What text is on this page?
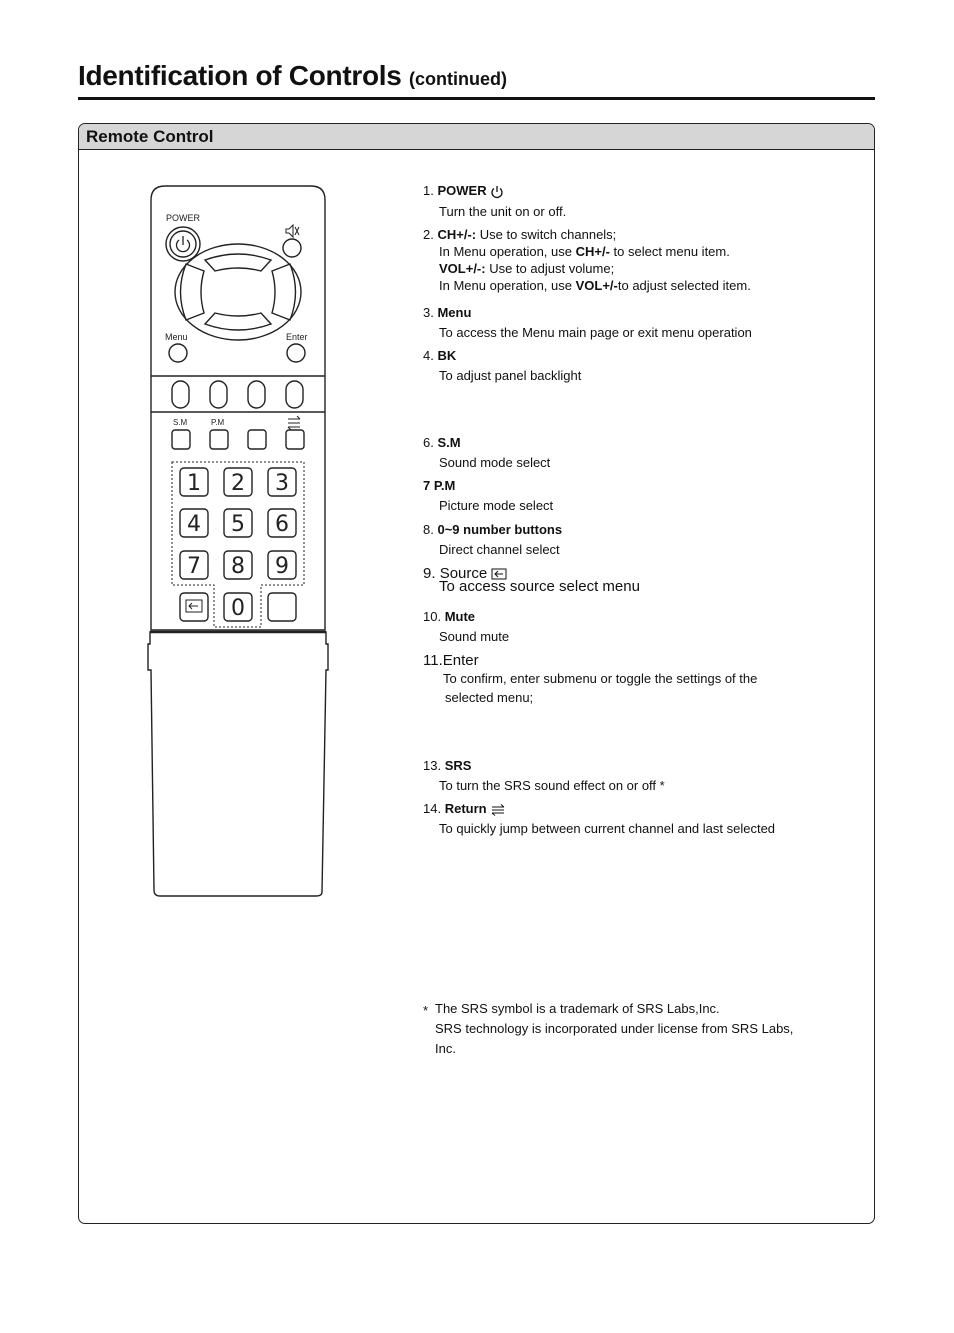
Identification of Controls (continued)
Remote Control
POWER
Menu	Enter
S.M	P.M
1 2 3
4 5 6
7 8 9
0
1. POWER
Turn the unit on or off.
2. CH+/-: Use to switch channels;
In Menu operation, use CH+/- to select menu item.
VOL+/-: Use to adjust volume;
In Menu operation, use VOL+/-to adjust selected item.
3. Menu
To access the Menu main page or exit menu operation
4. BK
To adjust panel backlight
6. S.M
Sound mode select
7 P.M
Picture mode select
8. 0~9 number buttons
Direct channel select
9. Source
To access source select menu
10. Mute
Sound mute
11.Enter
To confirm, enter submenu or toggle the settings of the
selected menu;
13. SRS
To turn the SRS sound effect on or off *
14. Return
To quickly jump between current channel and last selected
* The SRS symbol is a trademark of SRS Labs,Inc.
SRS technology is incorporated under license from SRS Labs,
Inc.
